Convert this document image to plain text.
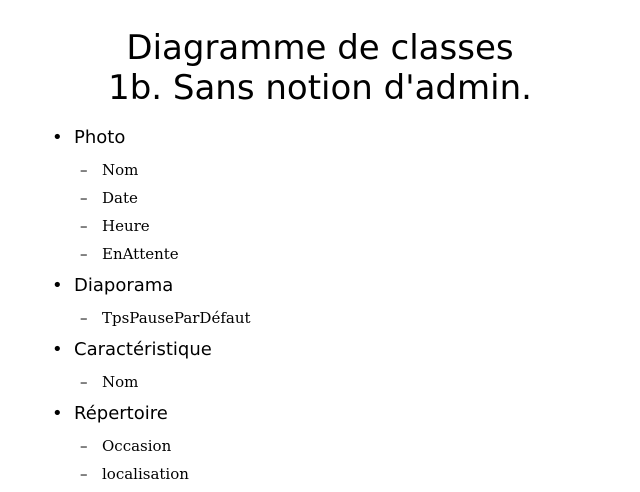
Diagramme de classes
1b. Sans notion d'admin.
• Photo
– Nom
– Date
– Heure
– EnAttente
• Diaporama
– TpsPauseParDéfaut
• Caractéristique
– Nom
• Répertoire
– Occasion
– localisation
